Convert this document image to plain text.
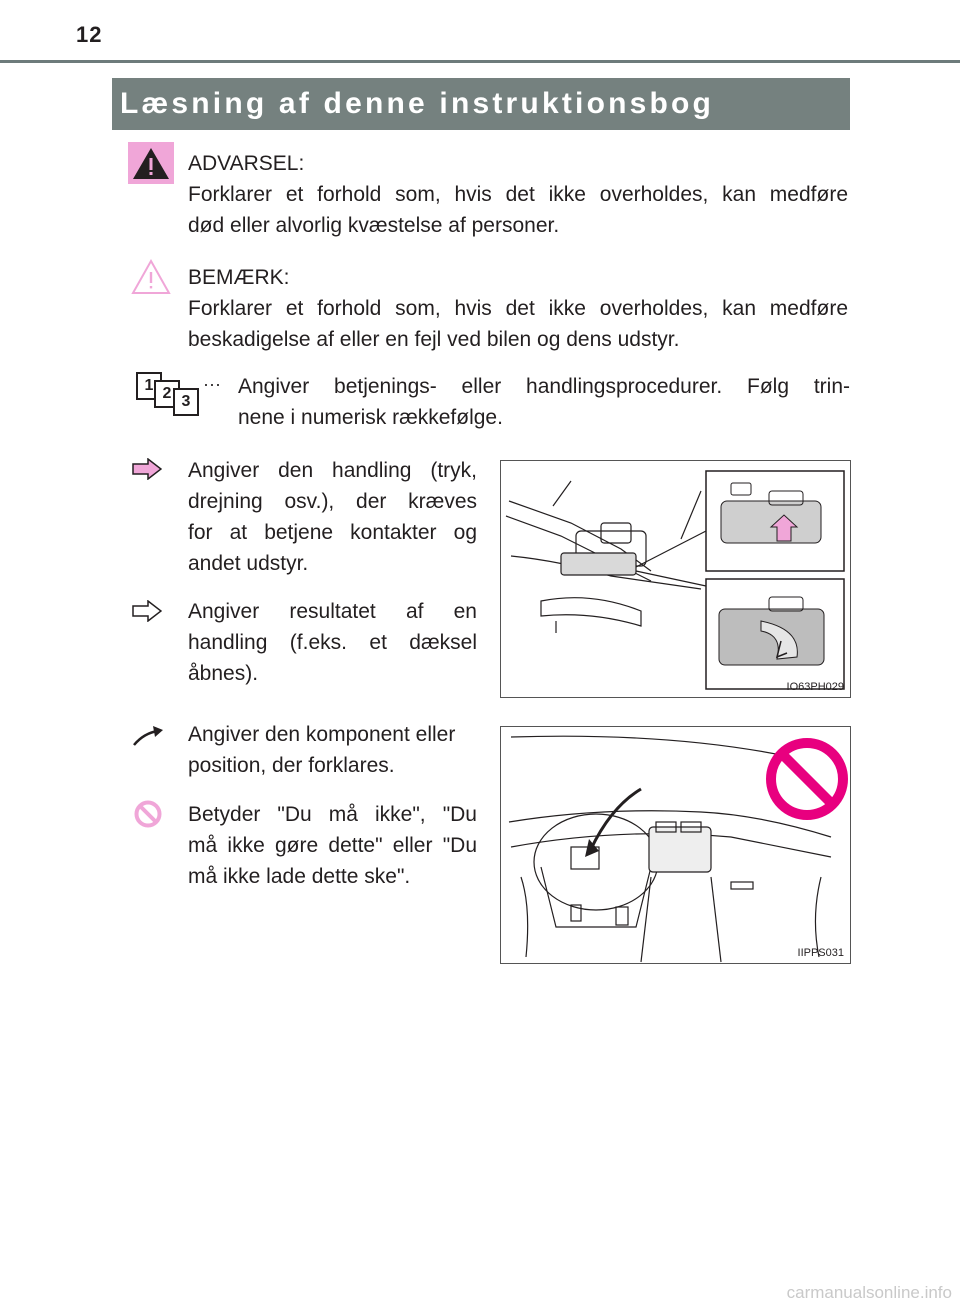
12
Læsning af denne instruktionsbog
ADVARSEL:
Forklarer et forhold som, hvis det ikke overholdes, kan medføre
død eller alvorlig kvæstelse af personer.
BEMÆRK:
Forklarer et forhold som, hvis det ikke overholdes, kan medføre
beskadigelse af eller en fejl ved bilen og dens udstyr.
1 2 3
··· Angiver betjenings- eller handlingsprocedurer. Følg trin-
nene i numerisk rækkefølge.
Angiver den handling (tryk,
drejning osv.), der kræves
for at betjene kontakter og
andet udstyr.
Angiver resultatet af en
handling (f.eks. et dæksel
åbnes).
Angiver den komponent eller
position, der forklares.
Betyder "Du må ikke", "Du
må ikke gøre dette" eller "Du
må ikke lade dette ske".
IO63PH029
IIPPS031
carmanualsonline.info
